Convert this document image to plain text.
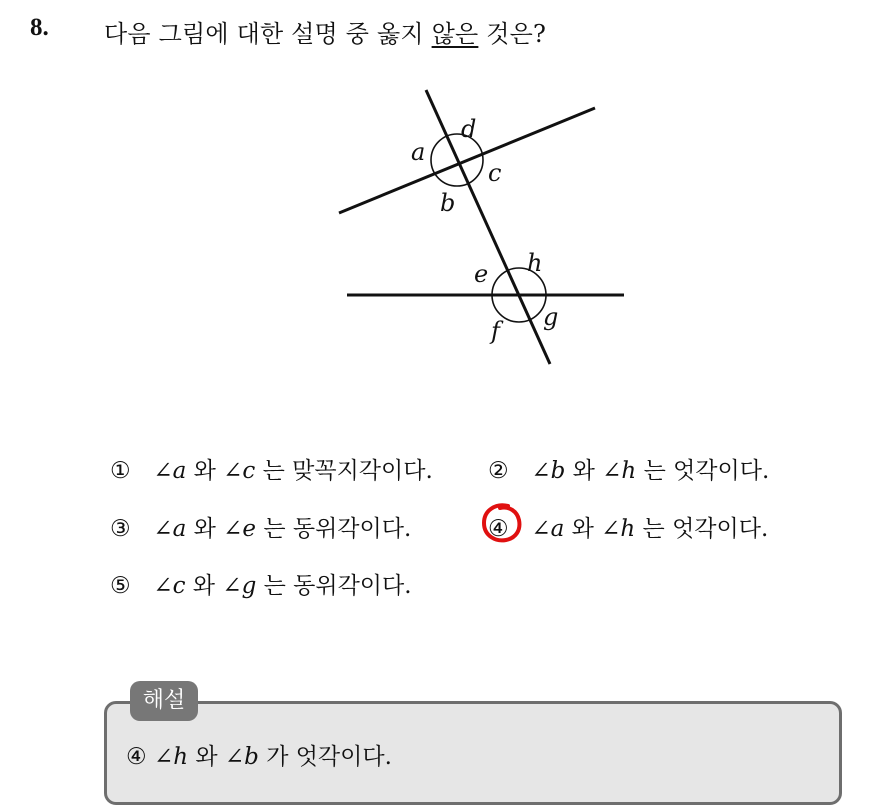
8. 다음 그림에 대한 설명 중 옳지 않은 것은?
a
d
c
b
e h
g
f
① ∠a 와 ∠c 는 맞꼭지각이다. ② ∠b 와 ∠h 는 엇각이다.
③ ∠a 와 ∠e 는 동위각이다.	④ ∠a 와 ∠h 는 엇각이다.
⑤ ∠c 와 ∠g 는 동위각이다.
해설
④ ∠h 와 ∠b 가 엇각이다.
